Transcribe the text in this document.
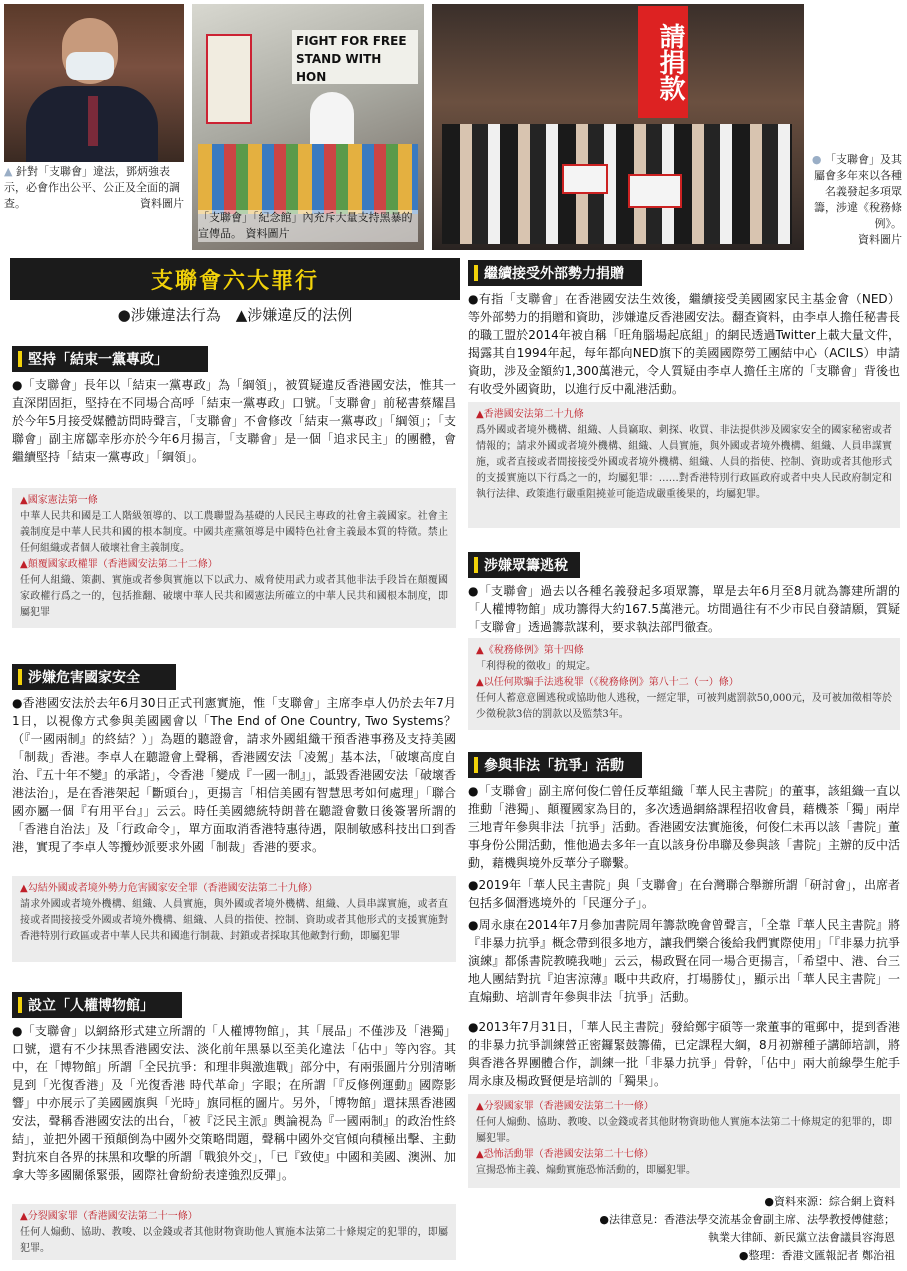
▲ 針對「支聯會」違法，鄧炳強表示，必會作出公平、公正及全面的調查。	資料圖片
FIGHT FOR FREE STAND WITH HON
「支聯會」「紀念館」內充斥大量支持黑暴的宣傳品。 資料圖片
請捐款
● 「支聯會」及其屬會多年來以各種名義發起多項眾籌，涉違《稅務條例》。
資料圖片
支聯會六大罪行
●涉嫌違法行為　▲涉嫌違反的法例
堅持「結束一黨專政」
●「支聯會」長年以「結束一黨專政」為「綱領」，被質疑違反香港國安法，惟其一直深閉固拒，堅持在不同場合高呼「結束一黨專政」口號。「支聯會」前秘書蔡耀昌於今年5月接受媒體訪問時聲言，「支聯會」不會修改「結束一黨專政」「綱領」；「支聯會」副主席鄒幸彤亦於今年6月揚言，「支聯會」是一個「追求民主」的團體，會繼續堅持「結束一黨專政」「綱領」。
▲國家憲法第一條
中華人民共和國是工人階級領導的、以工農聯盟為基礎的人民民主專政的社會主義國家。社會主義制度是中華人民共和國的根本制度。中國共產黨領導是中國特色社會主義最本質的特徵。禁止任何組織或者個人破壞社會主義制度。
▲顛覆國家政權罪（香港國安法第二十二條）
任何人組織、策劃、實施或者參與實施以下以武力、威脅使用武力或者其他非法手段旨在顛覆國家政權行爲之一的，包括推翻、破壞中華人民共和國憲法所確立的中華人民共和國根本制度，即屬犯罪
涉嫌危害國家安全
●香港國安法於去年6月30日正式刊憲實施，惟「支聯會」主席李卓人仍於去年7月1日，以視像方式參與美國國會以「The End of One Country, Two Systems？（『一國兩制』的終結？）」為題的聽證會，請求外國組織干預香港事務及支持美國「制裁」香港。李卓人在聽證會上聲稱，香港國安法「凌駕」基本法，「破壞高度自治、『五十年不變』的承諾」，令香港「變成『一國一制』」，詆毀香港國安法「破壞香港法治」，是在香港架起「斷頭台」，更揚言「相信美國有智慧思考如何處理」「聯合國亦屬一個『有用平台』」云云。時任美國總統特朗普在聽證會數日後簽署所謂的「香港自治法」及「行政命令」，單方面取消香港特惠待遇，限制敏感科技出口到香港，實現了李卓人等攬炒派要求外國「制裁」香港的要求。
▲勾結外國或者境外勢力危害國家安全罪（香港國安法第二十九條）
請求外國或者境外機構、組織、人員實施，與外國或者境外機構、組織、人員串謀實施，或者直接或者間接接受外國或者境外機構、組織、人員的指使、控制、資助或者其他形式的支援實施對香港特別行政區或者中華人民共和國進行制裁、封鎖或者採取其他敵對行動，即屬犯罪
設立「人權博物館」
●「支聯會」以網絡形式建立所謂的「人權博物館」，其「展品」不僅涉及「港獨」口號，還有不少抹黑香港國安法、淡化前年黑暴以至美化違法「佔中」等內容。其中，在「博物館」所謂「全民抗爭：和理非與激進戰」部分中，有兩張圖片分別清晰見到「光復香港」及「光復香港 時代革命」字眼；在所謂「『反修例運動』國際影響」中亦展示了美國國旗與「光時」旗同框的圖片。另外，「博物館」還抹黑香港國安法，聲稱香港國安法的出台，「被『泛民主派』輿論視為『一國兩制』的政治性終結」，並把外國干預顛倒為中國外交策略問題，聲稱中國外交官傾向積極出擊、主動對抗來自各界的抹黑和攻擊的所謂「戰狼外交」，「已『致使』中國和美國、澳洲、加拿大等多國關係緊張，國際社會紛紛表達強烈反彈」。
▲分裂國家罪（香港國安法第二十一條）
任何人煽動、協助、教唆、以金錢或者其他財物資助他人實施本法第二十條規定的犯罪的，即屬犯罪。
繼續接受外部勢力捐贈
●有指「支聯會」在香港國安法生效後，繼續接受美國國家民主基金會（NED）等外部勢力的捐贈和資助，涉嫌違反香港國安法。翻查資料，由李卓人擔任秘書長的職工盟於2014年被自稱「旺角腦場起底組」的網民透過Twitter上載大量文件，揭露其自1994年起，每年都向NED旗下的美國國際勞工團結中心（ACILS）申請資助，涉及金額約1,300萬港元，令人質疑由李卓人擔任主席的「支聯會」背後也有收受外國資助，以進行反中亂港活動。
▲香港國安法第二十九條
爲外國或者境外機構、組織、人員竊取、刺探、收買、非法提供涉及國家安全的國家秘密或者情報的；請求外國或者境外機構、組織、人員實施，與外國或者境外機構、組織、人員串謀實施，或者直接或者間接接受外國或者境外機構、組織、人員的指使、控制、資助或者其他形式的支援實施以下行爲之一的，均屬犯罪：……對香港特別行政區政府或者中央人民政府制定和執行法律、政策進行嚴重阻撓並可能造成嚴重後果的，均屬犯罪。
涉嫌眾籌逃稅
●「支聯會」過去以各種名義發起多項眾籌，單是去年6月至8月就為籌建所謂的「人權博物館」成功籌得大約167.5萬港元。坊間過往有不少市民自發請願，質疑「支聯會」透過籌款謀利，要求執法部門徹查。
▲《稅務條例》第十四條
「利得稅的徵收」的規定。
▲以任何欺騙手法逃稅罪（《稅務條例》第八十二（一）條）
任何人蓄意意圖逃稅或協助他人逃稅，一經定罪，可被判處罰款50,000元，及可被加徵相等於少徵稅款3倍的罰款以及監禁3年。
參與非法「抗爭」活動
●「支聯會」副主席何俊仁曾任反華組織「華人民主書院」的董事，該組織一直以推動「港獨」、顛覆國家為目的，多次透過網絡課程招收會員，藉機茶「獨」兩岸三地青年參與非法「抗爭」活動。香港國安法實施後，何俊仁未再以該「書院」董事身份公開活動，惟他過去多年一直以該身份串聯及參與該「書院」主辦的反中活動，藉機與境外反華分子聯繫。
●2019年「華人民主書院」與「支聯會」在台灣聯合舉辦所謂「研討會」，出席者包括多個潛逃境外的「民運分子」。
●周永康在2014年7月參加書院周年籌款晚會曾聲言，「全靠『華人民主書院』將『非暴力抗爭』概念帶到很多地方，讓我們樂合後給我們實際使用」「『非暴力抗爭演練』都係書院教曉我哋」云云，楊政賢在同一場合更揚言，「希望中、港、台三地人團結對抗『迫害涼薄』嘅中共政府，打場勝仗」，顯示出「華人民主書院」一直煽動、培訓青年參與非法「抗爭」活動。
●2013年7月31日，「華人民主書院」發給鄭宇碩等一衆董事的電郵中，提到香港的非暴力抗爭訓練營正密鑼緊鼓籌備，已定課程大綱，8月初辦種子講師培訓，將與香港各界團體合作，訓練一批「非暴力抗爭」骨幹，「佔中」兩大前線學生舵手周永康及楊政賢便是培訓的「獨果」。
▲分裂國家罪（香港國安法第二十一條）
任何人煽動、協助、教唆、以金錢或者其他財物資助他人實施本法第二十條規定的犯罪的，即屬犯罪。
▲恐怖活動罪（香港國安法第二十七條）
宣揚恐怖主義、煽動實施恐怖活動的，即屬犯罪。
●資料來源：綜合網上資料
●法律意見：香港法學交流基金會副主席、法學教授傅健慈；
執業大律師、新民黨立法會議員容海恩
●整理：香港文匯報記者 鄭治祖
